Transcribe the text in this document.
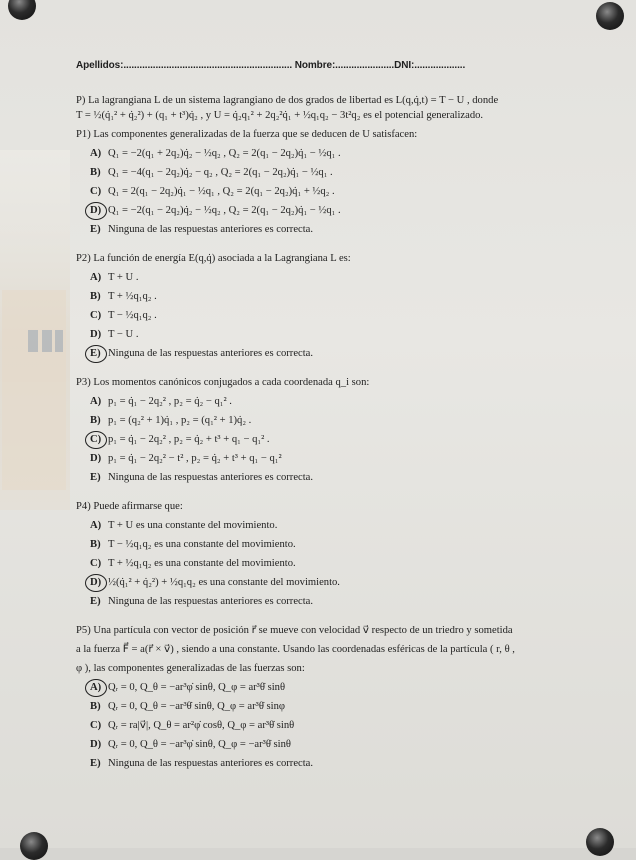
Apellidos:............................................................... Nombre:......................DNI:...................

P) La lagrangiana L de un sistema lagrangiano de dos grados de libertad es L(q,q̇,t) = T − U , donde

T = ½(q̇₁² + q̇₂²) + (q₁ + t³)q̇₂ , y U = q̇₂q₁² + 2q₂²q̇₁ + ½q₁q₂ − 3t²q₂ es el potencial generalizado.

P1) Las componentes generalizadas de la fuerza que se deducen de U satisfacen:

A) Q₁ = −2(q₁ + 2q₂)q̇₂ − ½q₂ , Q₂ = 2(q₁ − 2q₂)q̇₁ − ½q₁ .
B) Q₁ = −4(q₁ − 2q₂)q̇₂ − q₂ , Q₂ = 2(q₁ − 2q₂)q̇₁ − ½q₁ .
C) Q₁ = 2(q₁ − 2q₂)q̇₁ − ½q₁ , Q₂ = 2(q₁ − 2q₂)q̇₁ + ½q₂ .
D) Q₁ = −2(q₁ − 2q₂)q̇₂ − ½q₂ , Q₂ = 2(q₁ − 2q₂)q̇₁ − ½q₁ .
E) Ninguna de las respuestas anteriores es correcta.

P2) La función de energía E(q,q̇) asociada a la Lagrangiana L es:

A) T + U .
B) T + ½q₁q₂ .
C) T − ½q₁q₂ .
D) T − U .
E) Ninguna de las respuestas anteriores es correcta.

P3) Los momentos canónicos conjugados a cada coordenada q_i son:

A) p₁ = q̇₁ − 2q₂² , p₂ = q̇₂ − q₁² .
B) p₁ = (q₂² + 1)q̇₁ , p₂ = (q₁² + 1)q̇₂ .
C) p₁ = q̇₁ − 2q₂² , p₂ = q̇₂ + t³ + q₁ − q₁² .
D) p₁ = q̇₁ − 2q₂² − t² , p₂ = q̇₂ + t³ + q₁ − q₁²
E) Ninguna de las respuestas anteriores es correcta.

P4) Puede afirmarse que:

A) T + U es una constante del movimiento.
B) T − ½q₁q₂ es una constante del movimiento.
C) T + ½q₁q₂ es una constante del movimiento.
D) ½(q̇₁² + q̇₂²) + ½q₁q₂ es una constante del movimiento.
E) Ninguna de las respuestas anteriores es correcta.

P5) Una partícula con vector de posición r⃗ se mueve con velocidad v⃗ respecto de un triedro y sometida

a la fuerza F⃗ = a(r⃗ × v⃗) , siendo a una constante. Usando las coordenadas esféricas de la partícula ( r, θ ,

φ ), las componentes generalizadas de las fuerzas son:

A) Qᵣ = 0, Q_θ = −ar³φ̇ sinθ, Q_φ = ar³θ̇ sinθ
B) Qᵣ = 0, Q_θ = −ar³θ̇ sinθ, Q_φ = ar³θ̇ sinφ
C) Qᵣ = ra|v⃗|, Q_θ = ar²φ̇ cosθ, Q_φ = ar³θ̇ sinθ
D) Qᵣ = 0, Q_θ = −ar³φ̇ sinθ, Q_φ = −ar³θ̇ sinθ
E) Ninguna de las respuestas anteriores es correcta.
